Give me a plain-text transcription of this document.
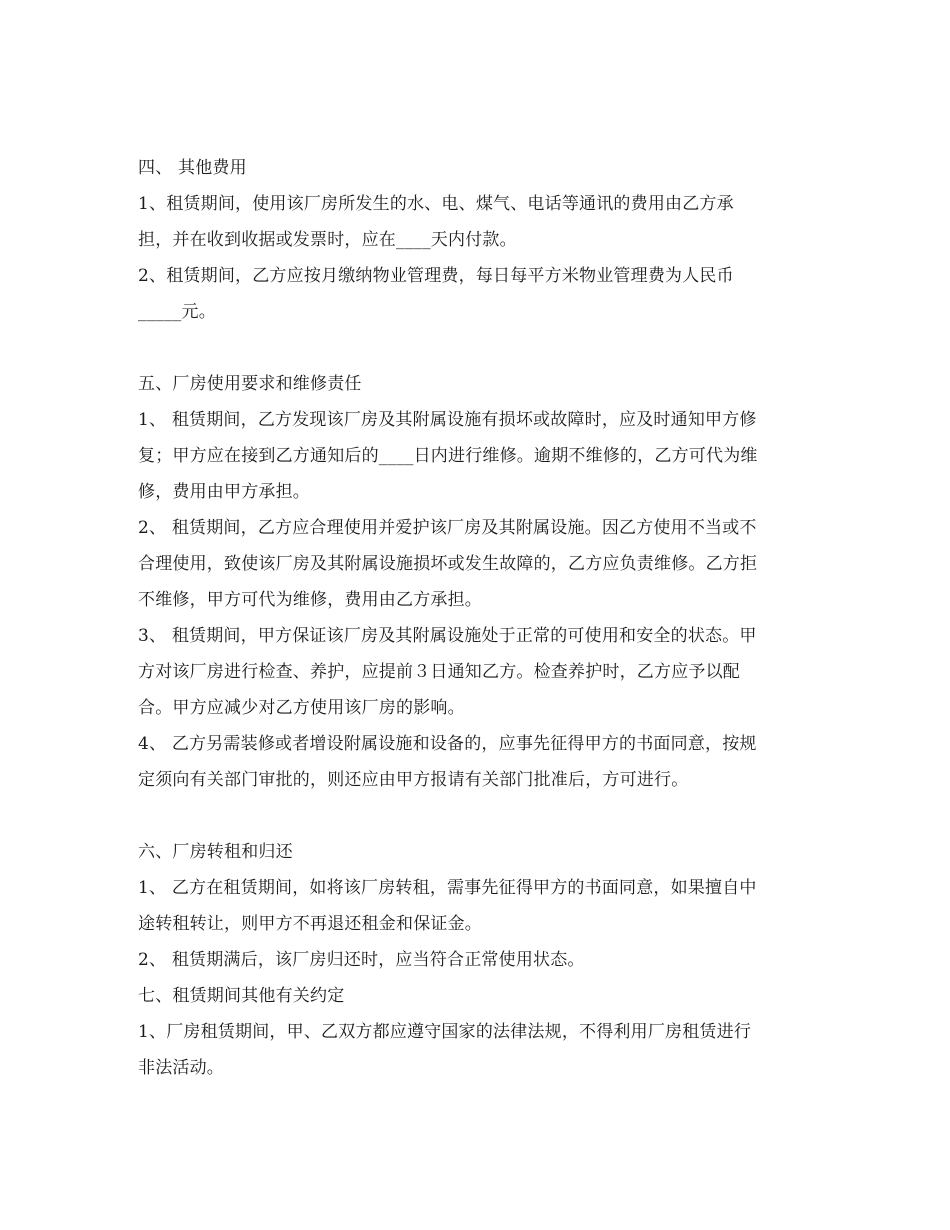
四、 其他费用
1、租赁期间，使用该厂房所发生的水、电、煤气、电话等通讯的费用由乙方承
担，并在收到收据或发票时，应在____天内付款。
2、租赁期间，乙方应按月缴纳物业管理费，每日每平方米物业管理费为人民币
_____元。
五、厂房使用要求和维修责任
1、 租赁期间，乙方发现该厂房及其附属设施有损坏或故障时，应及时通知甲方修
复；甲方应在接到乙方通知后的____日内进行维修。逾期不维修的，乙方可代为维
修，费用由甲方承担。
2、 租赁期间，乙方应合理使用并爱护该厂房及其附属设施。因乙方使用不当或不
合理使用，致使该厂房及其附属设施损坏或发生故障的，乙方应负责维修。乙方拒
不维修，甲方可代为维修，费用由乙方承担。
3、 租赁期间，甲方保证该厂房及其附属设施处于正常的可使用和安全的状态。甲
方对该厂房进行检查、养护，应提前３日通知乙方。检查养护时，乙方应予以配
合。甲方应减少对乙方使用该厂房的影响。
4、 乙方另需装修或者增设附属设施和设备的，应事先征得甲方的书面同意，按规
定须向有关部门审批的，则还应由甲方报请有关部门批准后，方可进行。
六、厂房转租和归还
1、 乙方在租赁期间，如将该厂房转租，需事先征得甲方的书面同意，如果擅自中
途转租转让，则甲方不再退还租金和保证金。
2、 租赁期满后，该厂房归还时，应当符合正常使用状态。
七、租赁期间其他有关约定
1、厂房租赁期间，甲、乙双方都应遵守国家的法律法规，不得利用厂房租赁进行
非法活动。
